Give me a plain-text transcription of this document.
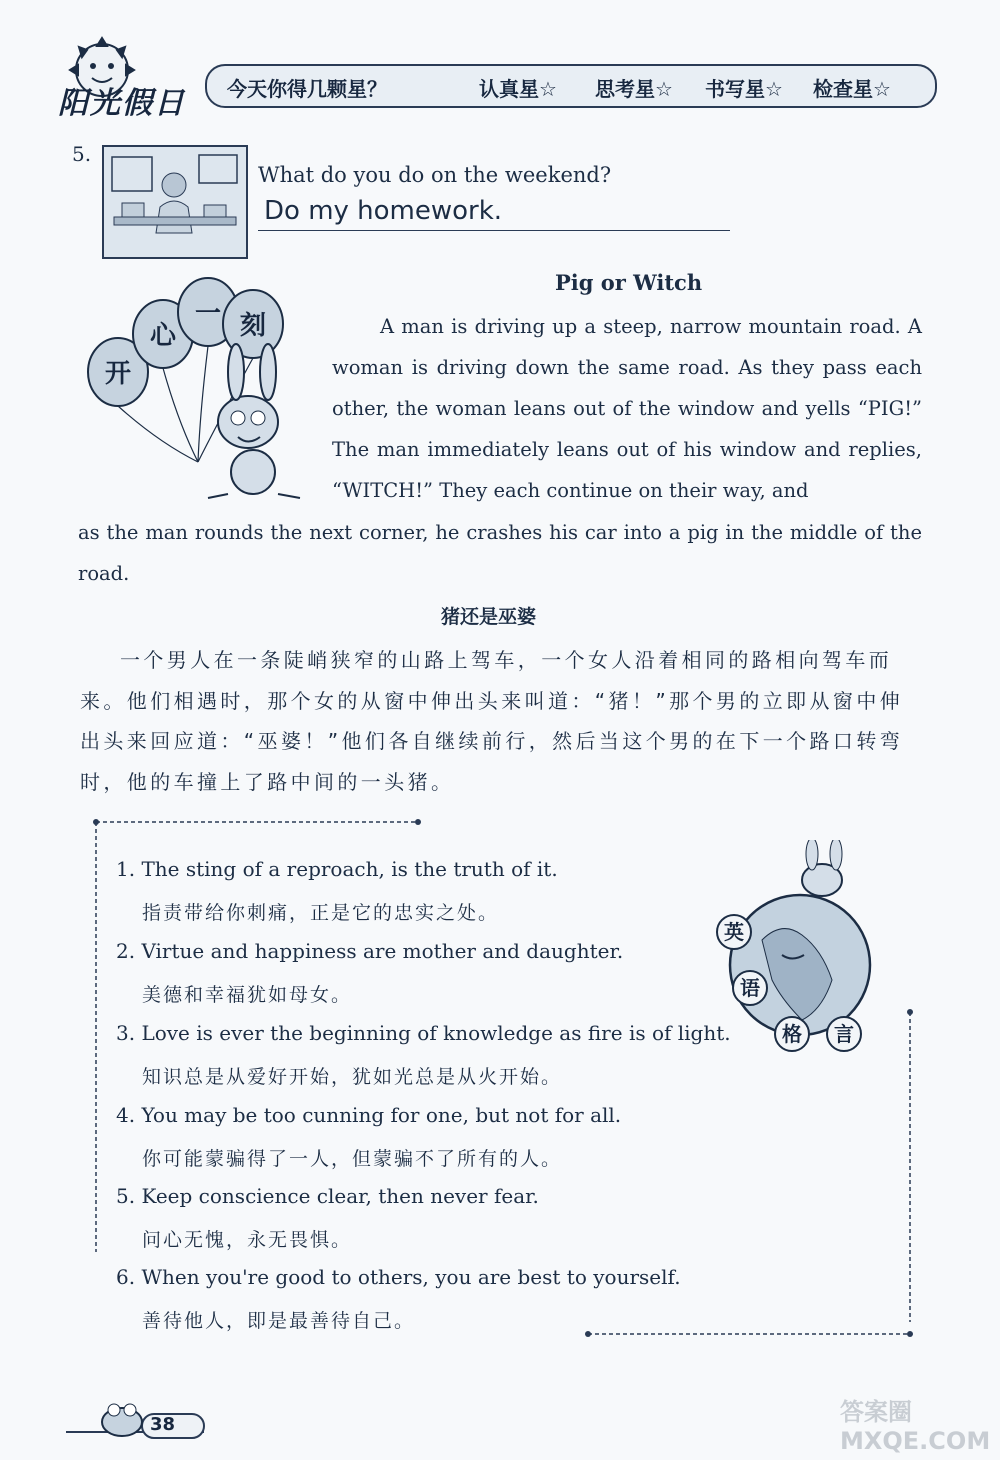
阳光假日 今天你得几颗星？	认真星☆ 思考星☆ 书写星☆ 检查星☆
5.
What do you do on the weekend?
Do my homework.
开
心
一 刻
Pig or Witch
A man is driving up a steep, narrow mountain road. A woman is driving down the same road. As they pass each other, the woman leans out of the window and yells “PIG!” The man immediately leans out of his window and replies, “WITCH!” They each continue on their way, and
as the man rounds the next corner, he crashes his car into a pig in the middle of the road.
猪还是巫婆
一个男人在一条陡峭狭窄的山路上驾车，一个女人沿着相同的路相向驾车而来。他们相遇时，那个女的从窗中伸出头来叫道：“猪！”那个男的立即从窗中伸出头来回应道：“巫婆！”他们各自继续前行，然后当这个男的在下一个路口转弯时，他的车撞上了路中间的一头猪。
英
语
格 言
1. The sting of a reproach, is the truth of it.
指责带给你刺痛，正是它的忠实之处。
2. Virtue and happiness are mother and daughter.
美德和幸福犹如母女。
3. Love is ever the beginning of knowledge as fire is of light.
知识总是从爱好开始，犹如光总是从火开始。
4. You may be too cunning for one, but not for all.
你可能蒙骗得了一人，但蒙骗不了所有的人。
5. Keep conscience clear, then never fear.
问心无愧，永无畏惧。
6. When you're good to others, you are best to yourself.
善待他人，即是最善待自己。
38	答案圈 MXQE.COM
